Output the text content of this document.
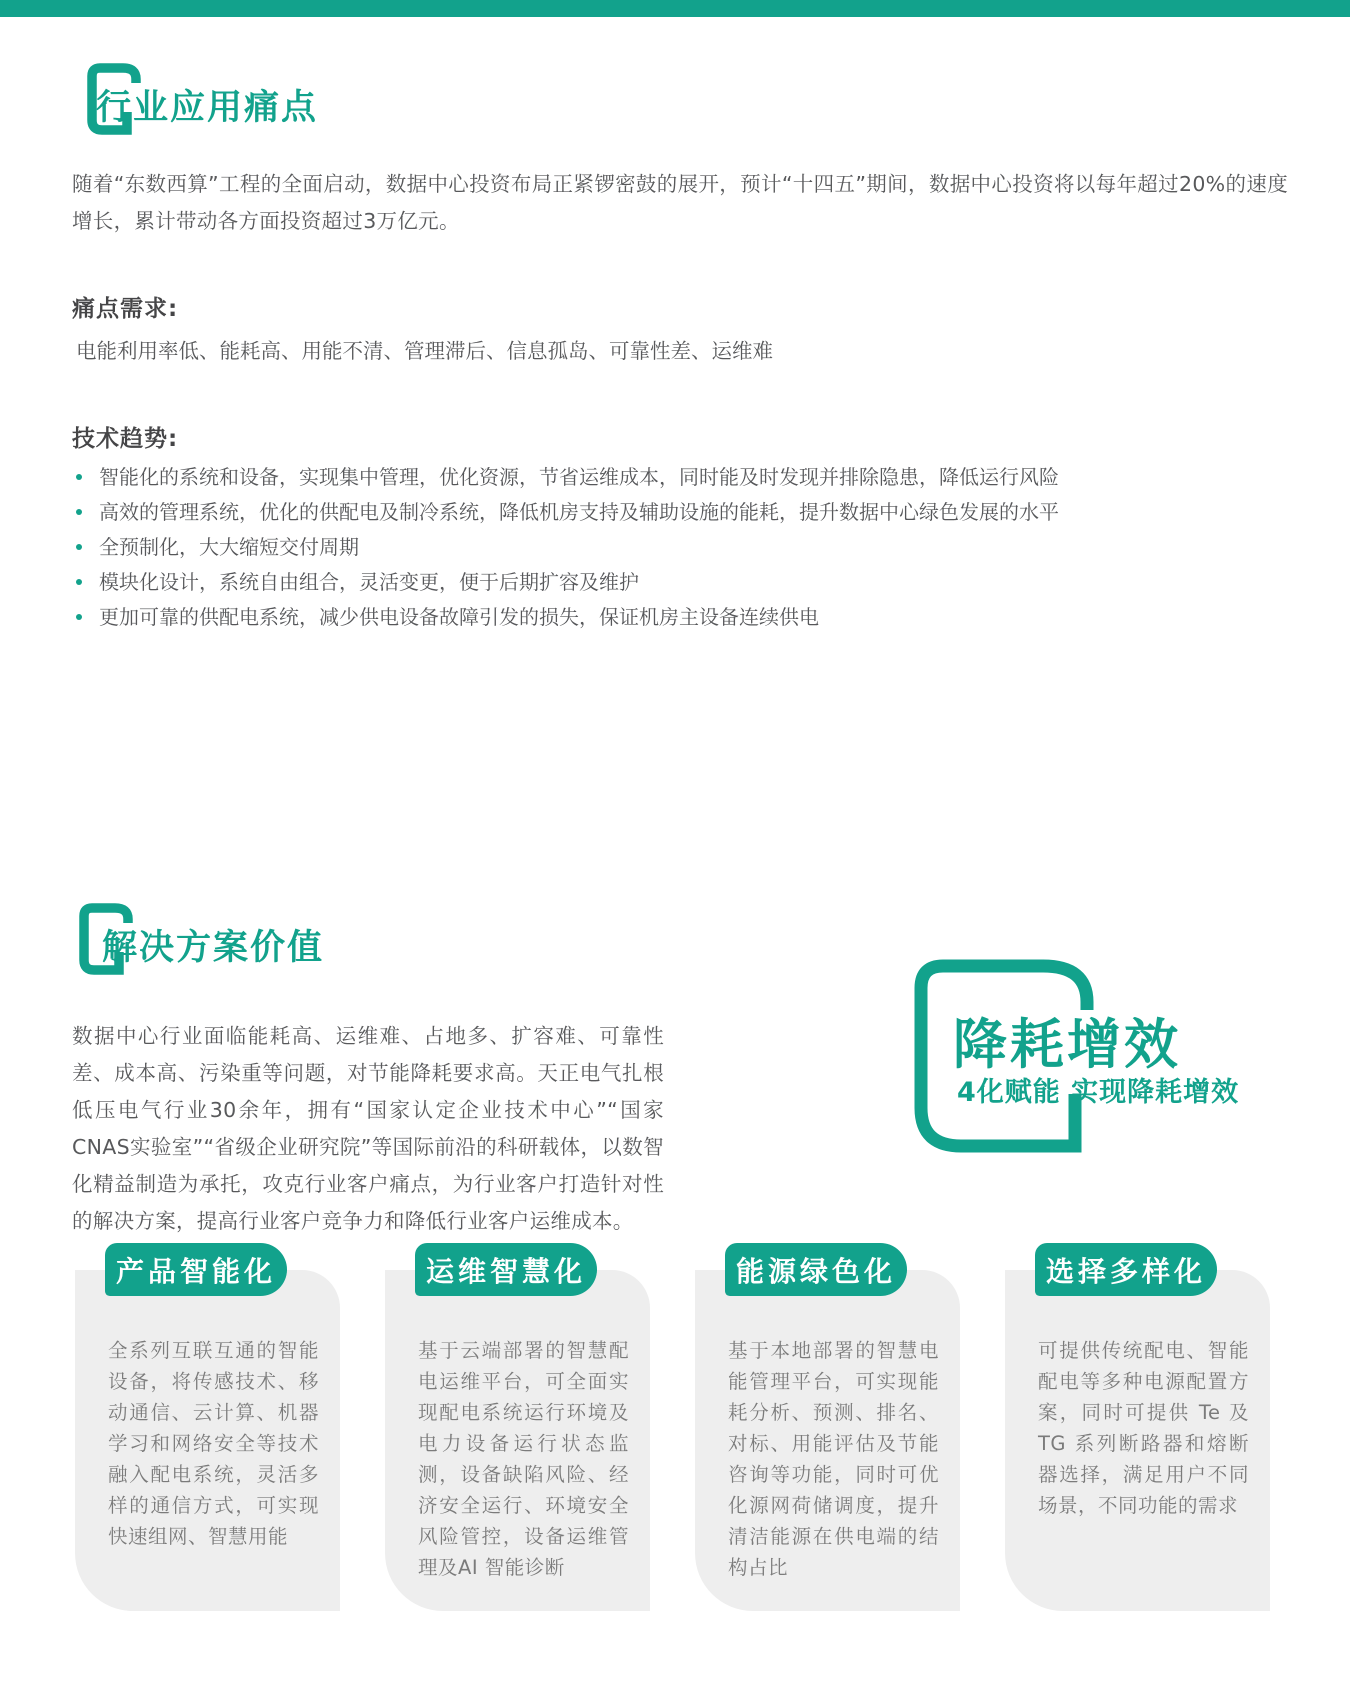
行业应用痛点

随着“东数西算”工程的全面启动，数据中心投资布局正紧锣密鼓的展开，预计“十四五”期间，数据中心投资将以每年超过20%的速度增长，累计带动各方面投资超过3万亿元。

痛点需求:
电能利用率低、能耗高、用能不清、管理滞后、信息孤岛、可靠性差、运维难
技术趋势:
智能化的系统和设备，实现集中管理，优化资源，节省运维成本，同时能及时发现并排除隐患，降低运行风险
高效的管理系统，优化的供配电及制冷系统，降低机房支持及辅助设施的能耗，提升数据中心绿色发展的水平
全预制化，大大缩短交付周期
模块化设计，系统自由组合，灵活变更，便于后期扩容及维护
更加可靠的供配电系统，减少供电设备故障引发的损失，保证机房主设备连续供电
解决方案价值

数据中心行业面临能耗高、运维难、占地多、扩容难、可靠性差、成本高、污染重等问题，对节能降耗要求高。天正电气扎根低压电气行业30余年，拥有“国家认定企业技术中心”“国家CNAS实验室”“省级企业研究院”等国际前沿的科研载体，以数智化精益制造为承托，攻克行业客户痛点，为行业客户打造针对性的解决方案，提高行业客户竞争力和降低行业客户运维成本。

降耗增效
4化赋能 实现降耗增效
产品智能化
全系列互联互通的智能设备，将传感技术、移动通信、云计算、机器学习和网络安全等技术融入配电系统，灵活多样的通信方式，可实现快速组网、智慧用能
运维智慧化
基于云端部署的智慧配电运维平台，可全面实现配电系统运行环境及电力设备运行状态监测，设备缺陷风险、经济安全运行、环境安全风险管控，设备运维管理及AI 智能诊断
能源绿色化
基于本地部署的智慧电能管理平台，可实现能耗分析、预测、排名、对标、用能评估及节能咨询等功能，同时可优化源网荷储调度，提升清洁能源在供电端的结构占比
选择多样化
可提供传统配电、智能配电等多种电源配置方案，同时可提供 Te 及 TG 系列断路器和熔断器选择，满足用户不同场景，不同功能的需求
